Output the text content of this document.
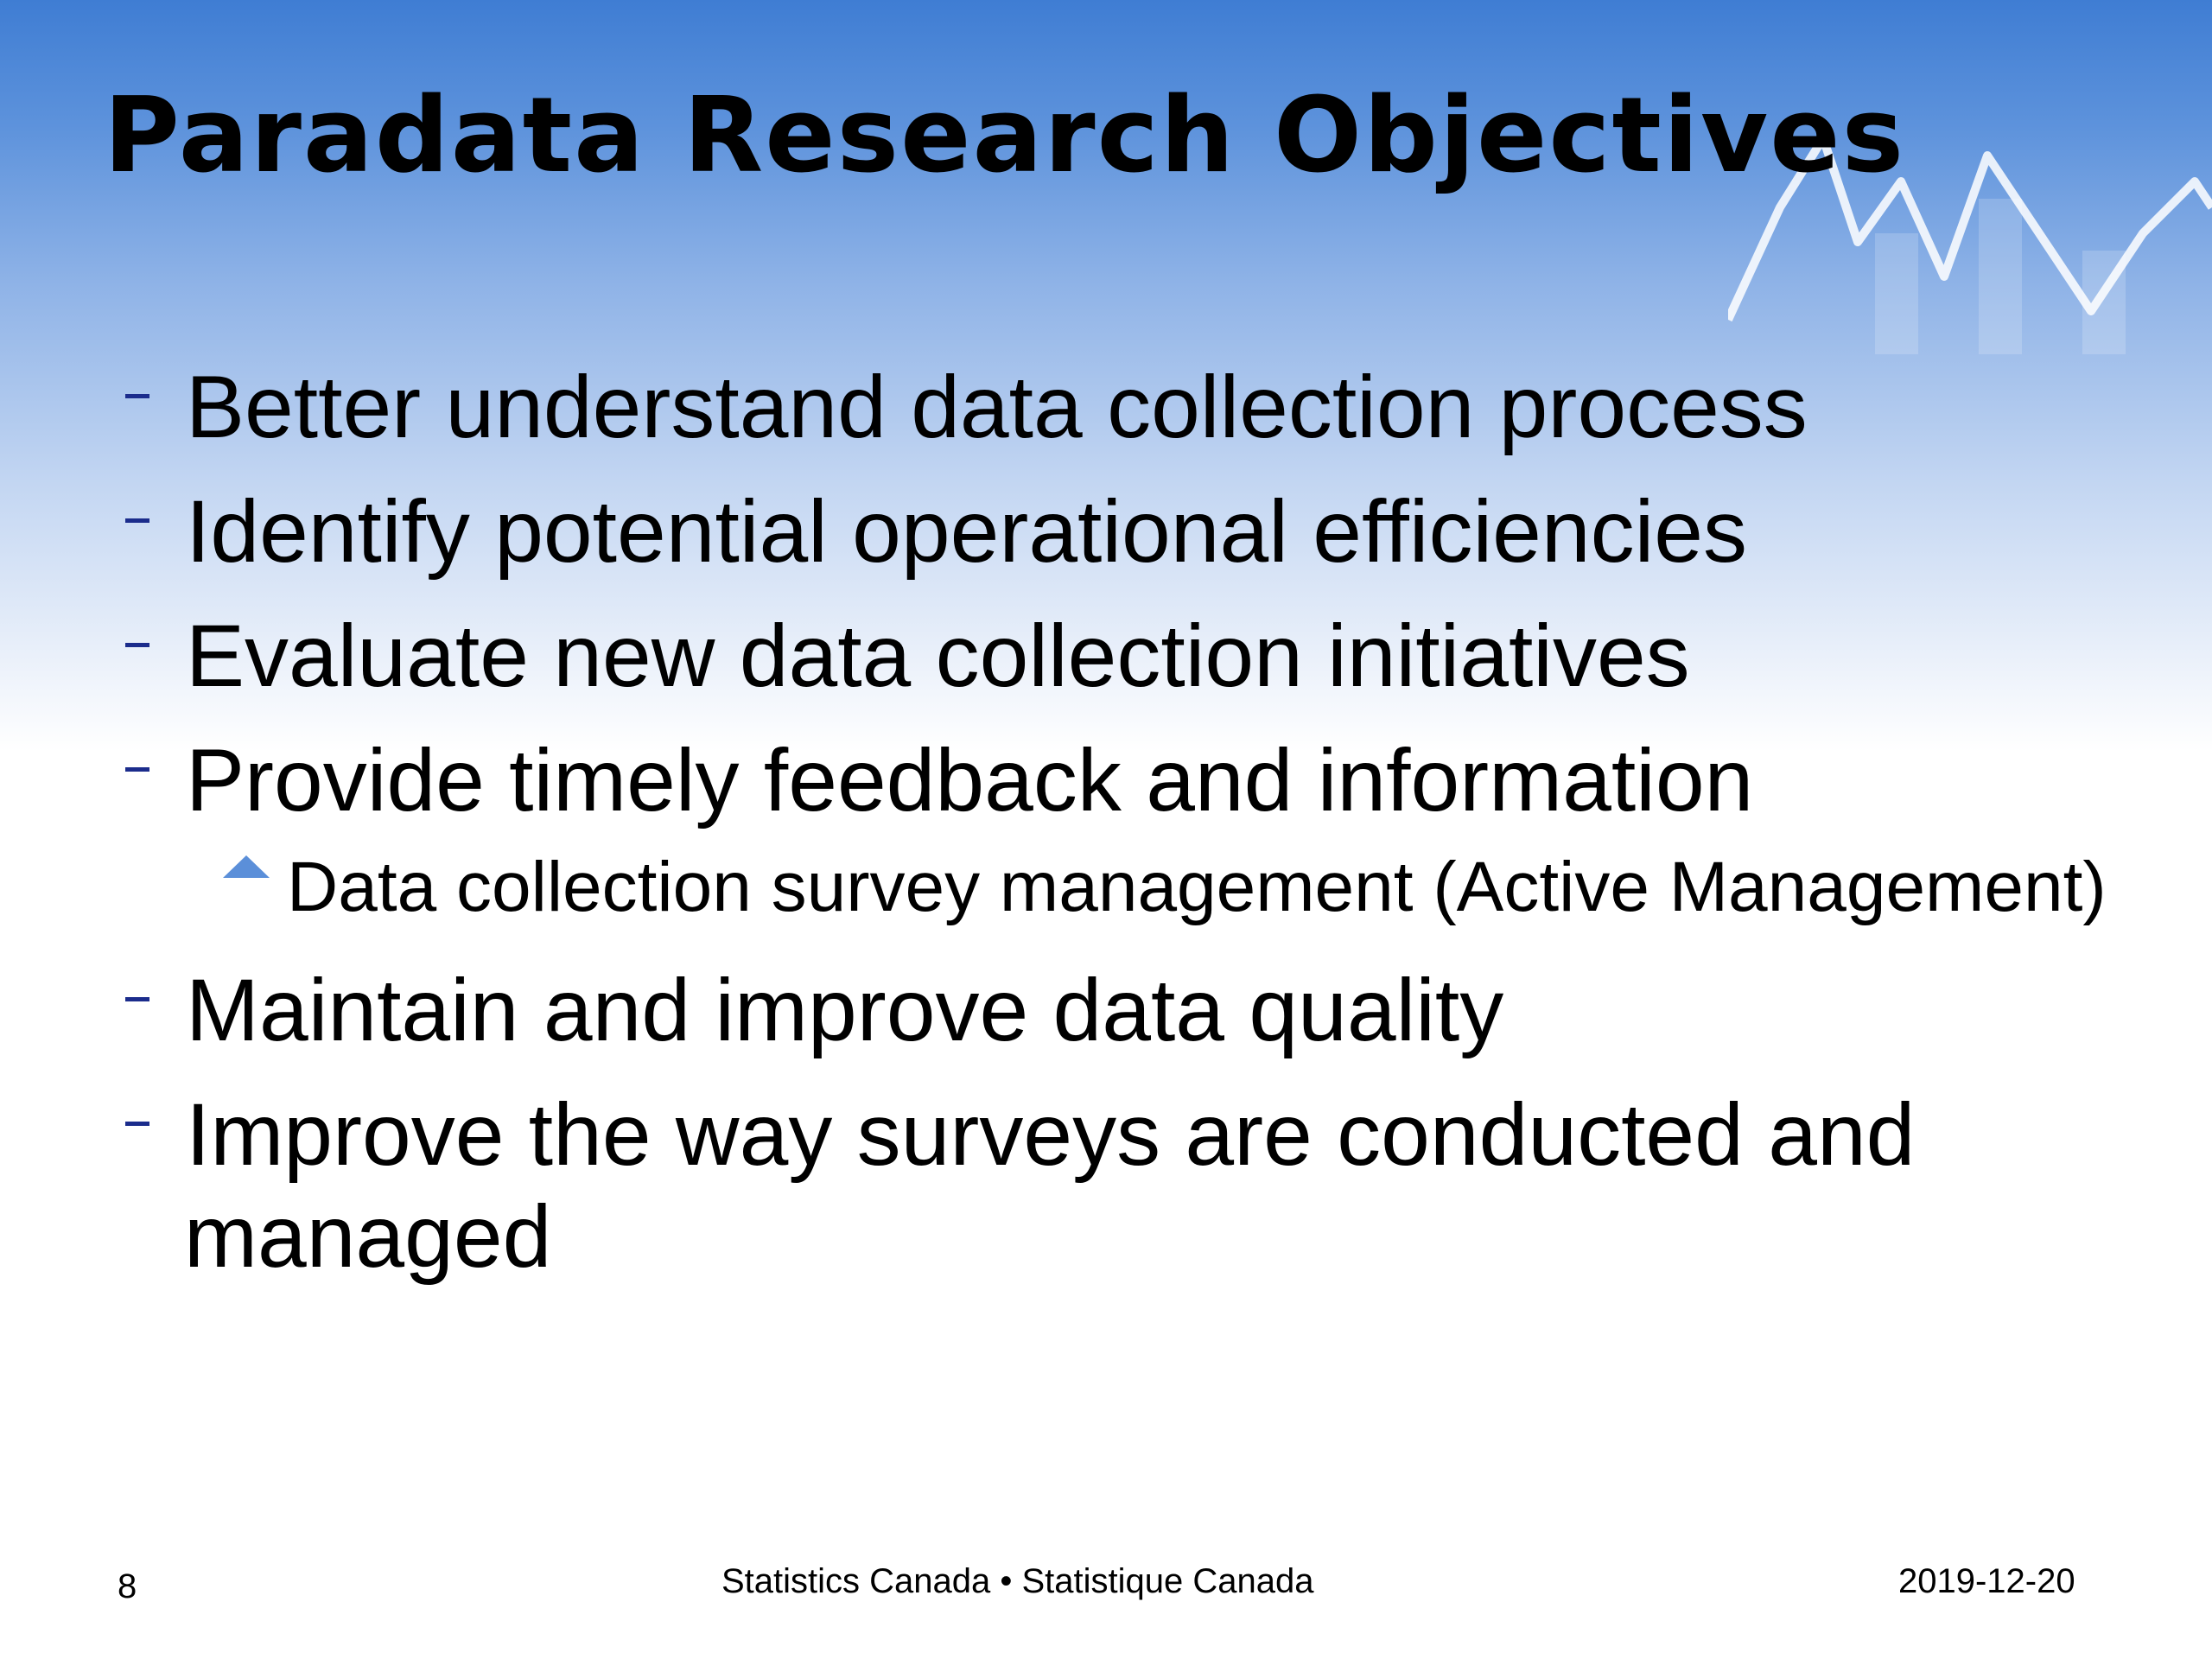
Paradata Research Objectives
Better understand data collection process
Identify potential operational efficiencies
Evaluate new data collection initiatives
Provide timely feedback and information
Data collection survey management (Active Management)
Maintain and improve data quality
Improve the way surveys are conducted and
managed
8	Statistics Canada • Statistique Canada	2019-12-20
